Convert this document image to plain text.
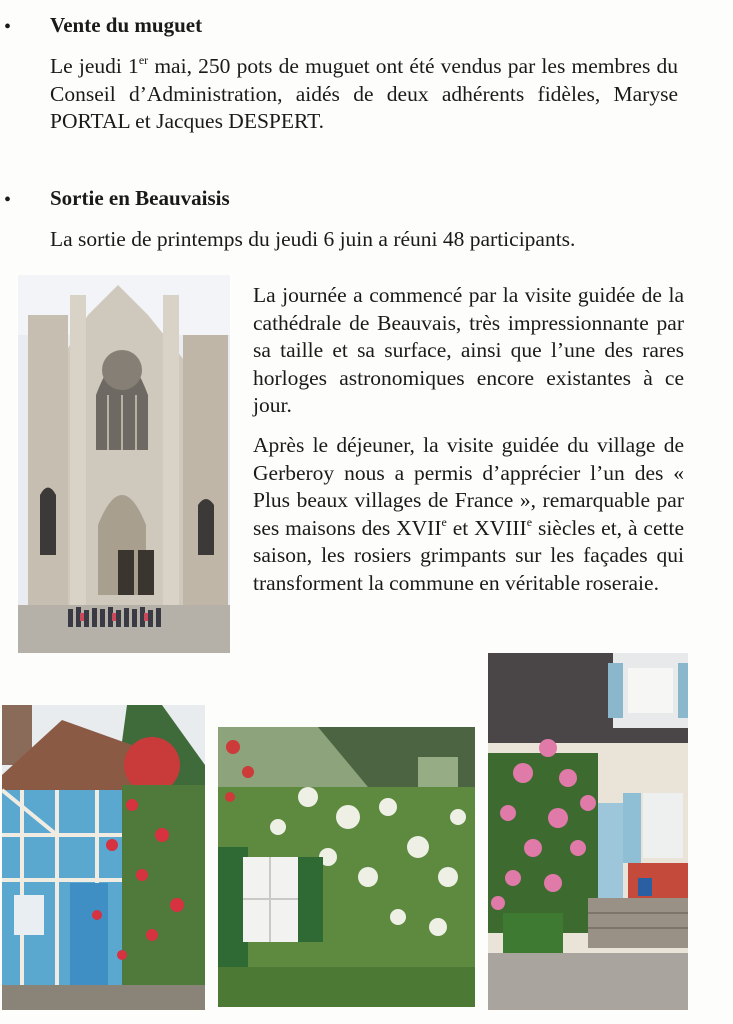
• Vente du muguet

Le jeudi 1er mai, 250 pots de muguet ont été vendus par les membres du Conseil d’Administration, aidés de deux adhérents fidèles, Maryse PORTAL et Jacques DESPERT.

• Sortie en Beauvaisis
La sortie de printemps du jeudi 6 juin a réuni 48 participants.

La journée a commencé par la visite guidée de la cathédrale de Beauvais, très impressionnante par sa taille et sa surface, ainsi que l’une des rares horloges astronomiques encore existantes à ce jour.

Après le déjeuner, la visite guidée du village de Gerberoy nous a permis d’apprécier l’un des « Plus beaux villages de France », remarquable par ses maisons des XVIIe et XVIIIe siècles et, à cette saison, les rosiers grimpants sur les façades qui transforment la commune en véritable roseraie.
